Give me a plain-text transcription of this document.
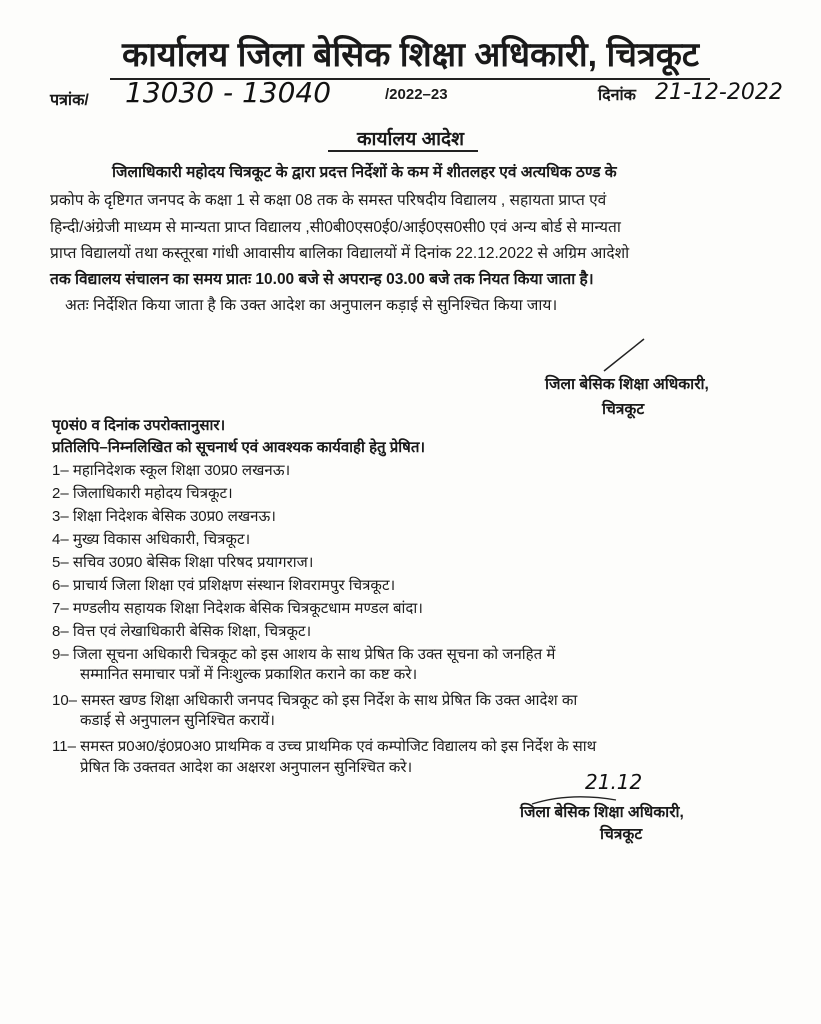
कार्यालय जिला बेसिक शिक्षा अधिकारी, चित्रकूट
पत्रांक/ 13030 - 13040	/2022–23	दिनांक 21-12-2022
कार्यालय आदेश
जिलाधिकारी महोदय चित्रकूट के द्वारा प्रदत्त निर्देशों के कम में शीतलहर एवं अत्यधिक ठण्ड के
प्रकोप के दृष्टिगत जनपद के कक्षा 1 से कक्षा 08 तक के समस्त परिषदीय विद्यालय , सहायता प्राप्त एवं
हिन्दी/अंग्रेजी माध्यम से मान्यता प्राप्त विद्यालय ,सी0बी0एस0ई0/आई0एस0सी0 एवं अन्य बोर्ड से मान्यता
प्राप्त विद्यालयों तथा कस्तूरबा गांधी आवासीय बालिका विद्यालयों में दिनांक 22.12.2022 से अग्रिम आदेशो
तक विद्यालय संचालन का समय प्रातः 10.00 बजे से अपरान्ह 03.00 बजे तक नियत किया जाता है।
अतः निर्देशित किया जाता है कि उक्त आदेश का अनुपालन कड़ाई से सुनिश्चित किया जाय।
जिला बेसिक शिक्षा अधिकारी,
चित्रकूट
पृ0सं0 व दिनांक उपरोक्तानुसार।
प्रतिलिपि–निम्नलिखित को सूचनार्थ एवं आवश्यक कार्यवाही हेतु प्रेषित।
1– महानिदेशक स्कूल शिक्षा उ0प्र0 लखनऊ।
2– जिलाधिकारी महोदय चित्रकूट।
3– शिक्षा निदेशक बेसिक उ0प्र0 लखनऊ।
4– मुख्य विकास अधिकारी, चित्रकूट।
5– सचिव उ0प्र0 बेसिक शिक्षा परिषद प्रयागराज।
6– प्राचार्य जिला शिक्षा एवं प्रशिक्षण संस्थान शिवरामपुर चित्रकूट।
7– मण्डलीय सहायक शिक्षा निदेशक बेसिक चित्रकूटधाम मण्डल बांदा।
8– वित्त एवं लेखाधिकारी बेसिक शिक्षा, चित्रकूट।
9– जिला सूचना अधिकारी चित्रकूट को इस आशय के साथ प्रेषित कि उक्त सूचना को जनहित में
सम्मानित समाचार पत्रों में निःशुल्क प्रकाशित कराने का कष्ट करे।
10– समस्त खण्ड शिक्षा अधिकारी जनपद चित्रकूट को इस निर्देश के साथ प्रेषित कि उक्त आदेश का
कडाई से अनुपालन सुनिश्चित करायें।
11– समस्त प्र0अ0/इं0प्र0अ0 प्राथमिक व उच्च प्राथमिक एवं कम्पोजिट विद्यालय को इस निर्देश के साथ
प्रेषित कि उक्तवत आदेश का अक्षरश अनुपालन सुनिश्चित करे।
21.12
जिला बेसिक शिक्षा अधिकारी,
चित्रकूट
